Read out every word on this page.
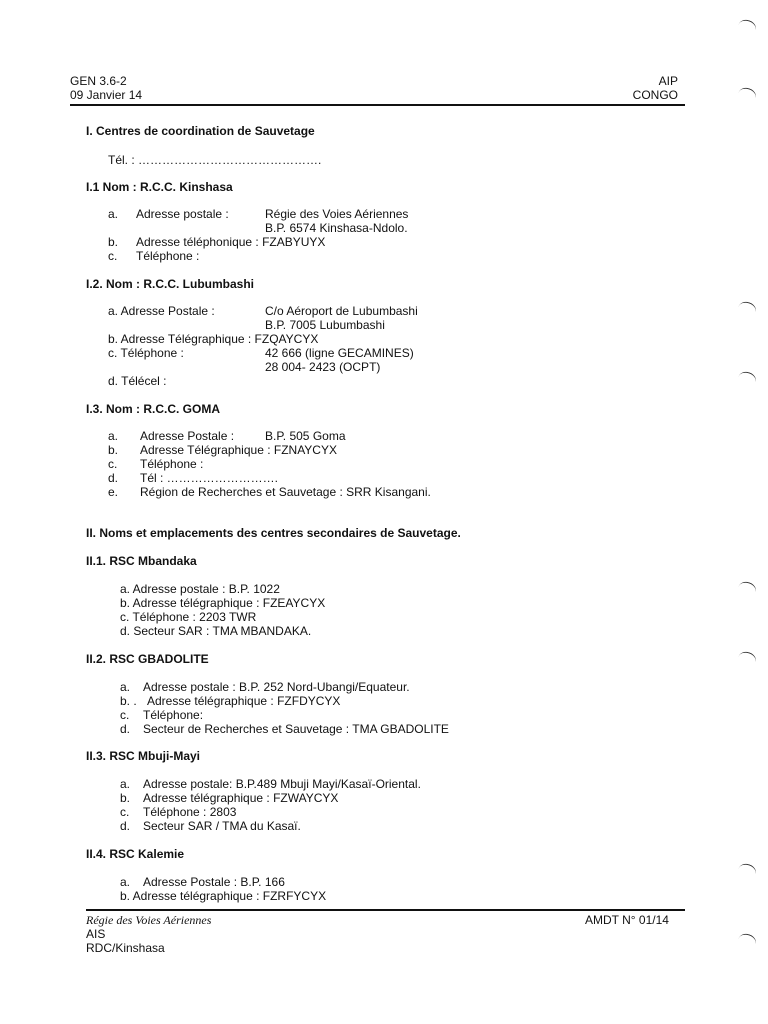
GEN 3.6-2
09 Janvier 14
AIP
CONGO
I. Centres de coordination de Sauvetage
Tél. : ……………………………………….
I.1 Nom : R.C.C. Kinshasa
a. Adresse postale :	Régie des Voies Aériennes
B.P. 6574 Kinshasa-Ndolo.
b. Adresse téléphonique : FZABYUYX
c. Téléphone :
I.2. Nom : R.C.C. Lubumbashi
a. Adresse Postale :	C/o Aéroport de Lubumbashi
B.P. 7005 Lubumbashi
b. Adresse Télégraphique : FZQAYCYX
c. Téléphone :	42 666 (ligne GECAMINES)
28 004- 2423 (OCPT)
d. Télécel :
I.3. Nom : R.C.C. GOMA
a. Adresse Postale :	B.P. 505 Goma
b. Adresse Télégraphique : FZNAYCYX
c. Téléphone :
d. Tél : ……………………….
e. Région de Recherches et Sauvetage : SRR Kisangani.
II. Noms et emplacements des centres secondaires de Sauvetage.
II.1. RSC Mbandaka
a. Adresse postale : B.P. 1022
b. Adresse télégraphique : FZEAYCYX
c. Téléphone : 2203 TWR
d. Secteur SAR : TMA MBANDAKA.
II.2. RSC GBADOLITE
a. Adresse postale : B.P. 252 Nord-Ubangi/Equateur.
b. . Adresse télégraphique : FZFDYCYX
c. Téléphone:
d. Secteur de Recherches et Sauvetage : TMA GBADOLITE
II.3. RSC Mbuji-Mayi
a. Adresse postale: B.P.489 Mbuji Mayi/Kasaï-Oriental.
b. Adresse télégraphique : FZWAYCYX
c. Téléphone : 2803
d. Secteur SAR / TMA du Kasaï.
II.4. RSC Kalemie
a. Adresse Postale : B.P. 166
b. Adresse télégraphique : FZRFYCYX
Régie des Voies Aériennes
AIS
RDC/Kinshasa
AMDT N° 01/14
